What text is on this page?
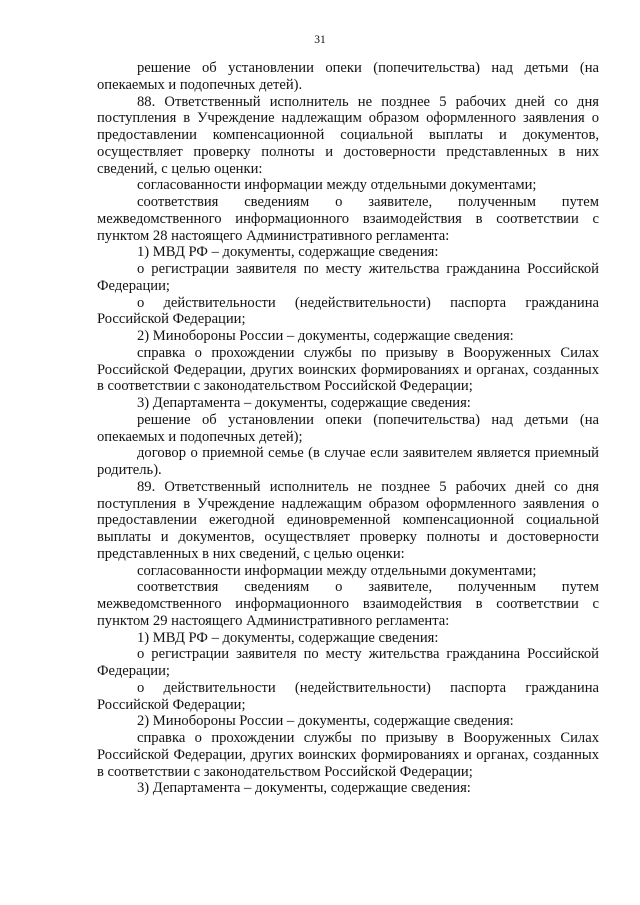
31

решение об установлении опеки (попечительства) над детьми (на опекаемых и подопечных детей).

88. Ответственный исполнитель не позднее 5 рабочих дней со дня поступления в Учреждение надлежащим образом оформленного заявления о предоставлении компенсационной социальной выплаты и документов, осуществляет проверку полноты и достоверности представленных в них сведений, с целью оценки:

согласованности информации между отдельными документами;

соответствия сведениям о заявителе, полученным путем межведомственного информационного взаимодействия в соответствии с пунктом 28 настоящего Административного регламента:

1) МВД РФ – документы, содержащие сведения:

о регистрации заявителя по месту жительства гражданина Российской Федерации;

о действительности (недействительности) паспорта гражданина Российской Федерации;

2) Минобороны России – документы, содержащие сведения:

справка о прохождении службы по призыву в Вооруженных Силах Российской Федерации, других воинских формированиях и органах, созданных в соответствии с законодательством Российской Федерации;

3) Департамента – документы, содержащие сведения:

решение об установлении опеки (попечительства) над детьми (на опекаемых и подопечных детей);

договор о приемной семье (в случае если заявителем является приемный родитель).

89. Ответственный исполнитель не позднее 5 рабочих дней со дня поступления в Учреждение надлежащим образом оформленного заявления о предоставлении ежегодной единовременной компенсационной социальной выплаты и документов, осуществляет проверку полноты и достоверности представленных в них сведений, с целью оценки:

согласованности информации между отдельными документами;

соответствия сведениям о заявителе, полученным путем межведомственного информационного взаимодействия в соответствии с пунктом 29 настоящего Административного регламента:

1) МВД РФ – документы, содержащие сведения:

о регистрации заявителя по месту жительства гражданина Российской Федерации;

о действительности (недействительности) паспорта гражданина Российской Федерации;

2) Минобороны России – документы, содержащие сведения:

справка о прохождении службы по призыву в Вооруженных Силах Российской Федерации, других воинских формированиях и органах, созданных в соответствии с законодательством Российской Федерации;

3) Департамента – документы, содержащие сведения:
